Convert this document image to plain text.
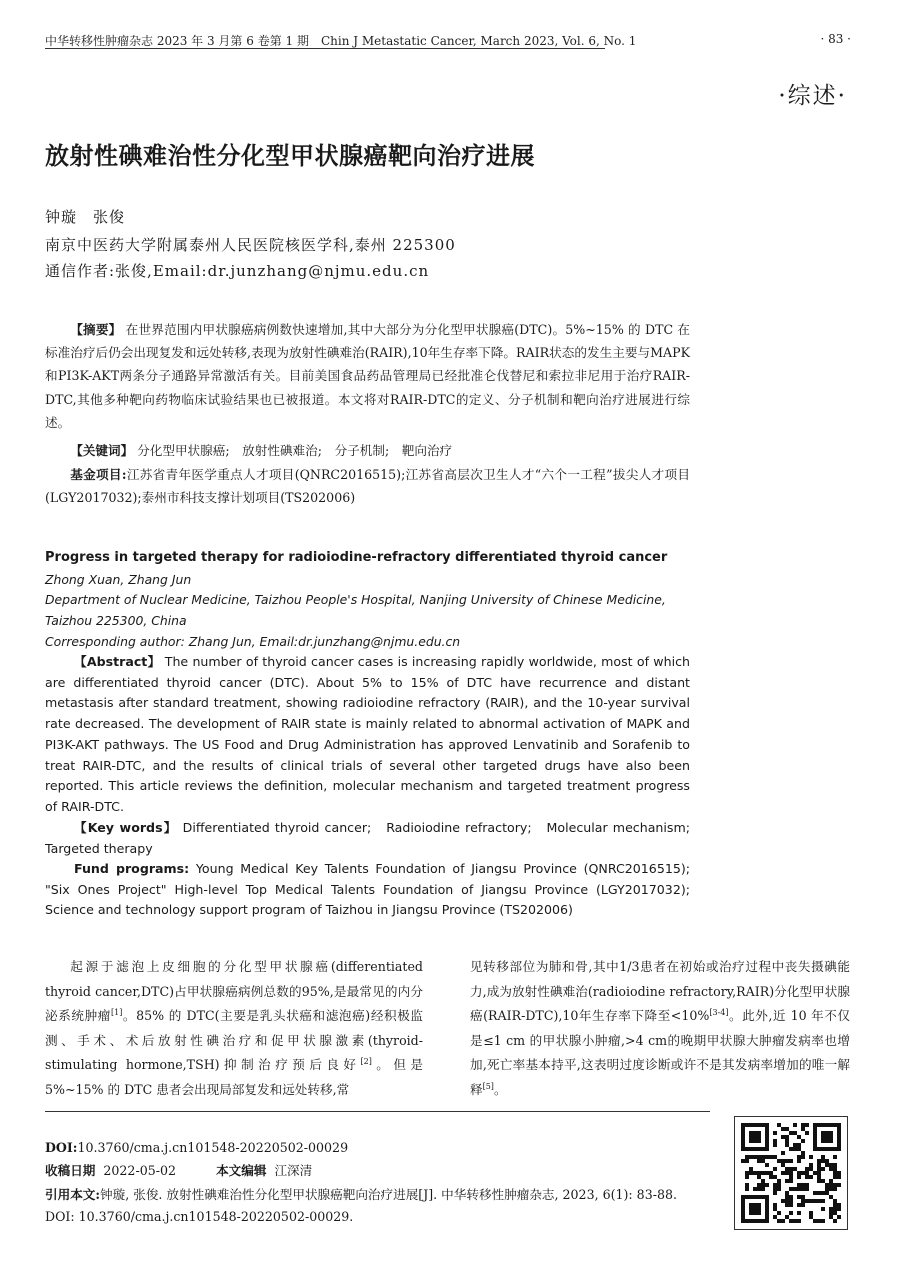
中华转移性肿瘤杂志 2023 年 3 月第 6 卷第 1 期　Chin J Metastatic Cancer, March 2023, Vol. 6, No. 1	· 83 ·
·综述·
放射性碘难治性分化型甲状腺癌靶向治疗进展
钟璇　张俊
南京中医药大学附属泰州人民医院核医学科,泰州 225300
通信作者:张俊,Email:dr.junzhang@njmu.edu.cn
【摘要】 在世界范围内甲状腺癌病例数快速增加,其中大部分为分化型甲状腺癌(DTC)。5%~15% 的 DTC 在标准治疗后仍会出现复发和远处转移,表现为放射性碘难治(RAIR),10年生存率下降。RAIR状态的发生主要与MAPK和PI3K-AKT两条分子通路异常激活有关。目前美国食品药品管理局已经批准仑伐替尼和索拉非尼用于治疗RAIR-DTC,其他多种靶向药物临床试验结果也已被报道。本文将对RAIR-DTC的定义、分子机制和靶向治疗进展进行综述。
【关键词】 分化型甲状腺癌;　放射性碘难治;　分子机制;　靶向治疗
基金项目:江苏省青年医学重点人才项目(QNRC2016515);江苏省高层次卫生人才“六个一工程”拔尖人才项目(LGY2017032);泰州市科技支撑计划项目(TS202006)
Progress in targeted therapy for radioiodine-refractory differentiated thyroid cancer
Zhong Xuan, Zhang Jun
Department of Nuclear Medicine, Taizhou People's Hospital, Nanjing University of Chinese Medicine, Taizhou 225300, China
Corresponding author: Zhang Jun, Email:dr.junzhang@njmu.edu.cn
【Abstract】 The number of thyroid cancer cases is increasing rapidly worldwide, most of which are differentiated thyroid cancer (DTC). About 5% to 15% of DTC have recurrence and distant metastasis after standard treatment, showing radioiodine refractory (RAIR), and the 10-year survival rate decreased. The development of RAIR state is mainly related to abnormal activation of MAPK and PI3K-AKT pathways. The US Food and Drug Administration has approved Lenvatinib and Sorafenib to treat RAIR-DTC, and the results of clinical trials of several other targeted drugs have also been reported. This article reviews the definition, molecular mechanism and targeted treatment progress of RAIR-DTC.
【Key words】 Differentiated thyroid cancer;　Radioiodine refractory;　Molecular mechanism;　Targeted therapy
Fund programs: Young Medical Key Talents Foundation of Jiangsu Province (QNRC2016515); "Six Ones Project" High-level Top Medical Talents Foundation of Jiangsu Province (LGY2017032); Science and technology support program of Taizhou in Jiangsu Province (TS202006)
起源于滤泡上皮细胞的分化型甲状腺癌(differentiated thyroid cancer,DTC)占甲状腺癌病例总数的95%,是最常见的内分泌系统肿瘤[1]。85% 的 DTC(主要是乳头状癌和滤泡癌)经积极监测、手术、术后放射性碘治疗和促甲状腺激素(thyroid-stimulating hormone,TSH)抑制治疗预后良好[2]。但是5%~15% 的 DTC 患者会出现局部复发和远处转移,常
见转移部位为肺和骨,其中1/3患者在初始或治疗过程中丧失摄碘能力,成为放射性碘难治(radioiodine refractory,RAIR)分化型甲状腺癌(RAIR-DTC),10年生存率下降至<10%[3-4]。此外,近 10 年不仅是≤1 cm 的甲状腺小肿瘤,>4 cm的晚期甲状腺大肿瘤发病率也增加,死亡率基本持平,这表明过度诊断或许不是其发病率增加的唯一解释[5]。
DOI:10.3760/cma.j.cn101548-20220502-00029
收稿日期 2022-05-02	本文编辑 江深清
引用本文:钟璇, 张俊. 放射性碘难治性分化型甲状腺癌靶向治疗进展[J]. 中华转移性肿瘤杂志, 2023, 6(1): 83-88. DOI: 10.3760/cma.j.cn101548-20220502-00029.
